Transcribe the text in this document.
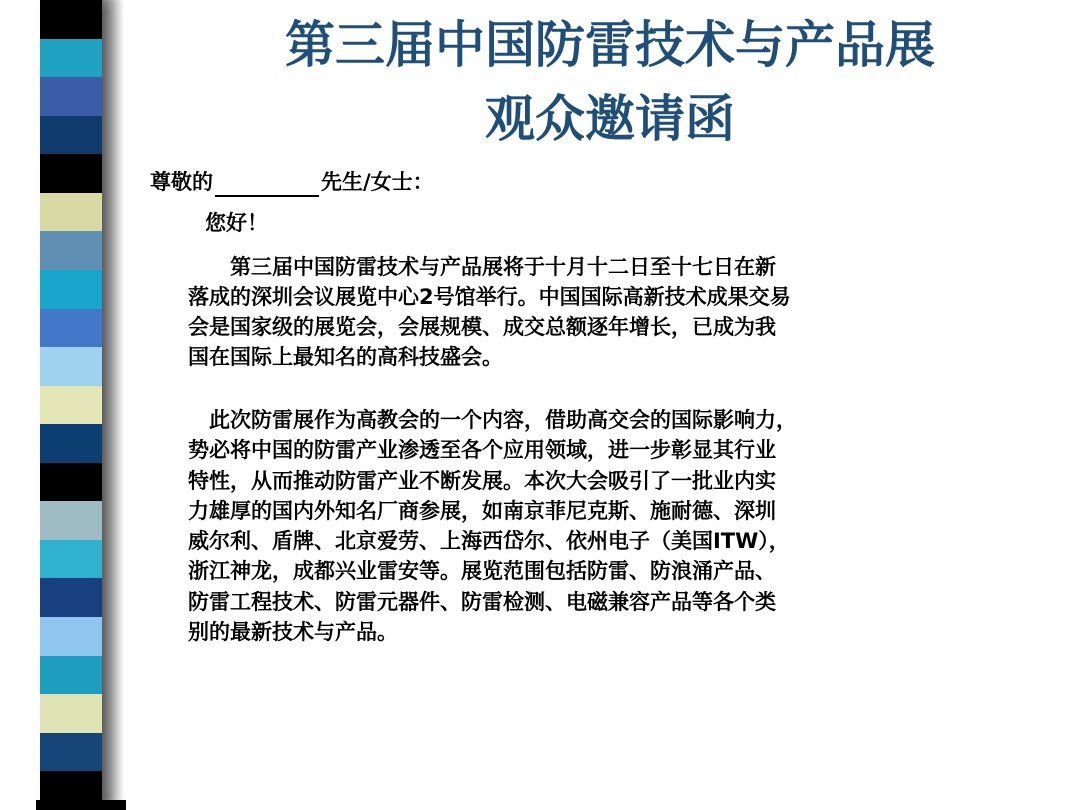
第三届中国防雷技术与产品展
观众邀请函
尊敬的	先生/女士：
您好！
　　第三届中国防雷技术与产品展将于十月十二日至十七日在新
落成的深圳会议展览中心2号馆举行。中国国际高新技术成果交易
会是国家级的展览会，会展规模、成交总额逐年增长，已成为我
国在国际上最知名的高科技盛会。
　此次防雷展作为高教会的一个内容，借助高交会的国际影响力，
势必将中国的防雷产业渗透至各个应用领域，进一步彰显其行业
特性，从而推动防雷产业不断发展。本次大会吸引了一批业内实
力雄厚的国内外知名厂商参展，如南京菲尼克斯、施耐德、深圳
威尔利、盾牌、北京爱劳、上海西岱尔、依州电子（美国ITW），
浙江神龙，成都兴业雷安等。展览范围包括防雷、防浪涌产品、
防雷工程技术、防雷元器件、防雷检测、电磁兼容产品等各个类
别的最新技术与产品。
